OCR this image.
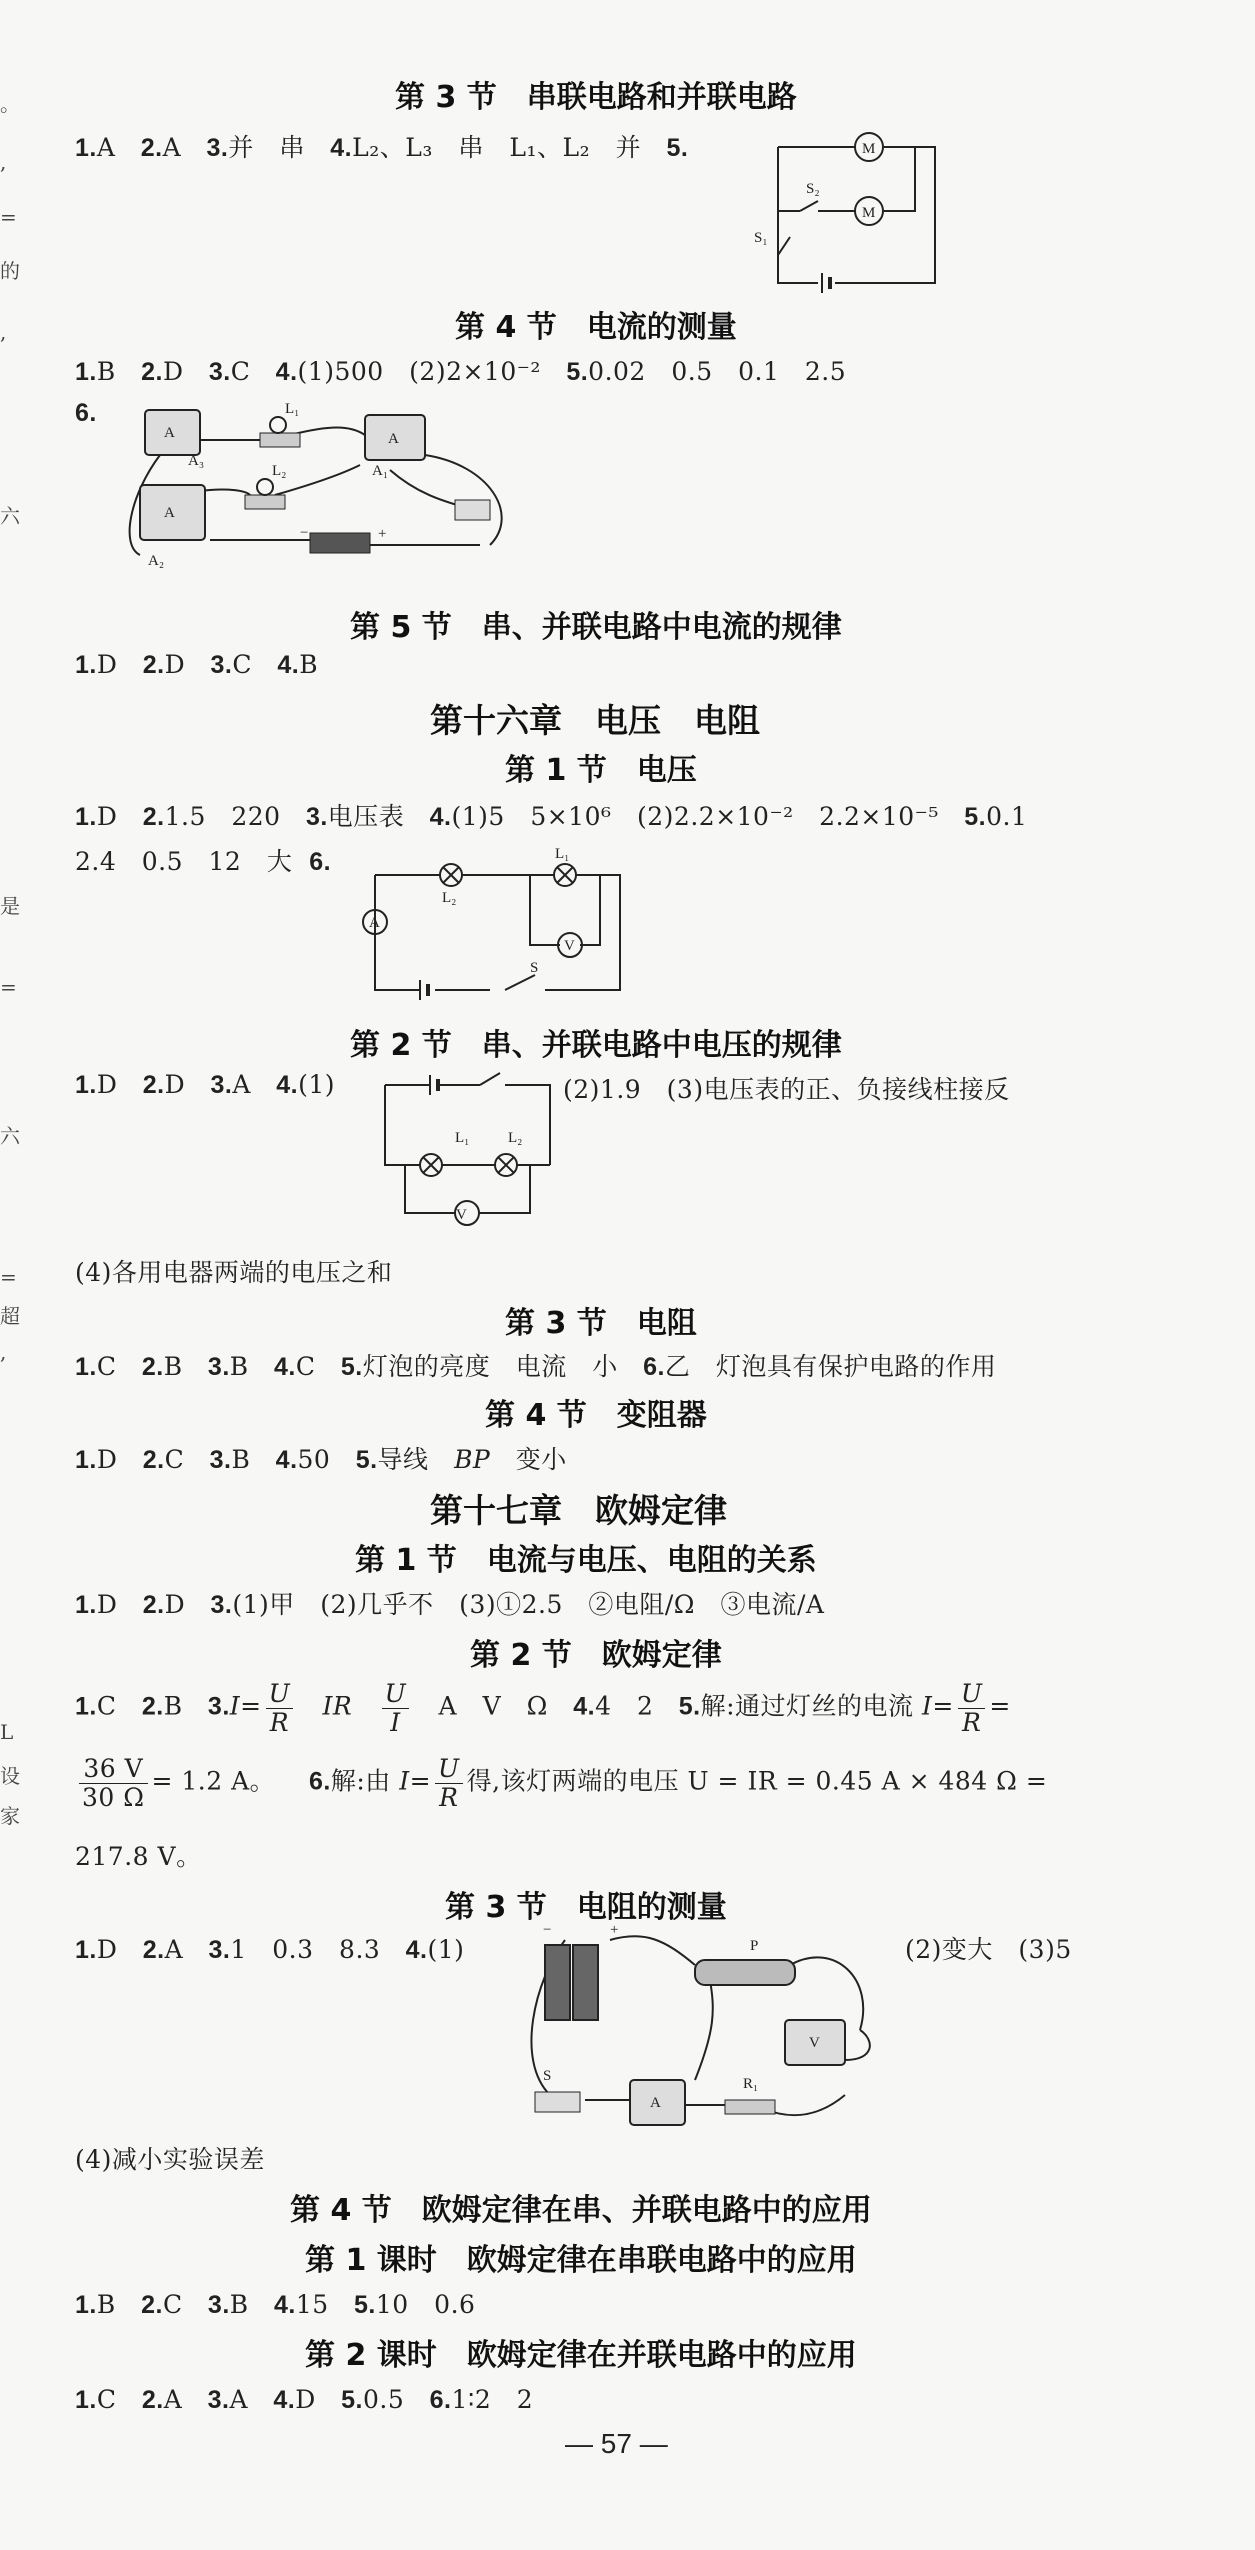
。
,
=
的
,
六
是
=
六
=
超
,
L
设
家
第 3 节　串联电路和并联电路
1.A 2.A 3.并　串 4.L₂、L₃　串　L₁、L₂　并 5.	M
M
S₂
S₁
第 4 节　电流的测量
1.B 2.D 3.C 4.(1)500　(2)2×10⁻² 5.0.02　0.5　0.1　2.5
6.
A
A₃
A
A₁
A
A₂
L₁
L₂
−	+
第 5 节　串、并联电路中电流的规律
1.D 2.D 3.C 4.B
第十六章　电压　电阻
第 1 节　电压
1.D 2.1.5　220 3.电压表 4.(1)5　5×10⁶　(2)2.2×10⁻²　2.2×10⁻⁵ 5.0.1
2.4　0.5　12　大 6.
L₂
L₁
V
A
S
第 2 节　串、并联电路中电压的规律
1.D 2.D 3.A 4.(1)	(2)1.9　(3)电压表的正、负接线柱接反
V
L₁	L₂
(4)各用电器两端的电压之和
第 3 节　电阻
1.C 2.B 3.B 4.C 5.灯泡的亮度　电流　小 6.乙　灯泡具有保护电路的作用
第 4 节　变阻器
1.D 2.C 3.B 4.50 5.导线　BP　变小
第十七章　欧姆定律
第 1 节　电流与电压、电阻的关系
1.D 2.D 3.(1)甲　(2)几乎不　(3)①2.5　②电阻/Ω　③电流/A
第 2 节　欧姆定律
1.C 2.B $3.I= \frac{U}{R}$ IR $\frac{U}{I}$ A　V　Ω 4.4　2 5.解:通过灯丝的电流 $I= \frac{U}{R}$ =
$\frac{36 V}{30 \Omega} = 1.2$ A。 6.解:由 $I= \frac{U}{R}$ 得,该灯两端的电压 U = IR = 0.45 A × 484 Ω =
217.8 V。
第 3 节　电阻的测量
1.D 2.A 3.1　0.3　8.3 4.(1)	(2)变大　(3)5
−	+
P
V
A
R₁
S
(4)减小实验误差
第 4 节　欧姆定律在串、并联电路中的应用
第 1 课时　欧姆定律在串联电路中的应用
1.B 2.C 3.B 4.15 5.10　0.6
第 2 课时　欧姆定律在并联电路中的应用
1.C 2.A 3.A 4.D 5.0.5 6.1∶2　2
— 57 —
